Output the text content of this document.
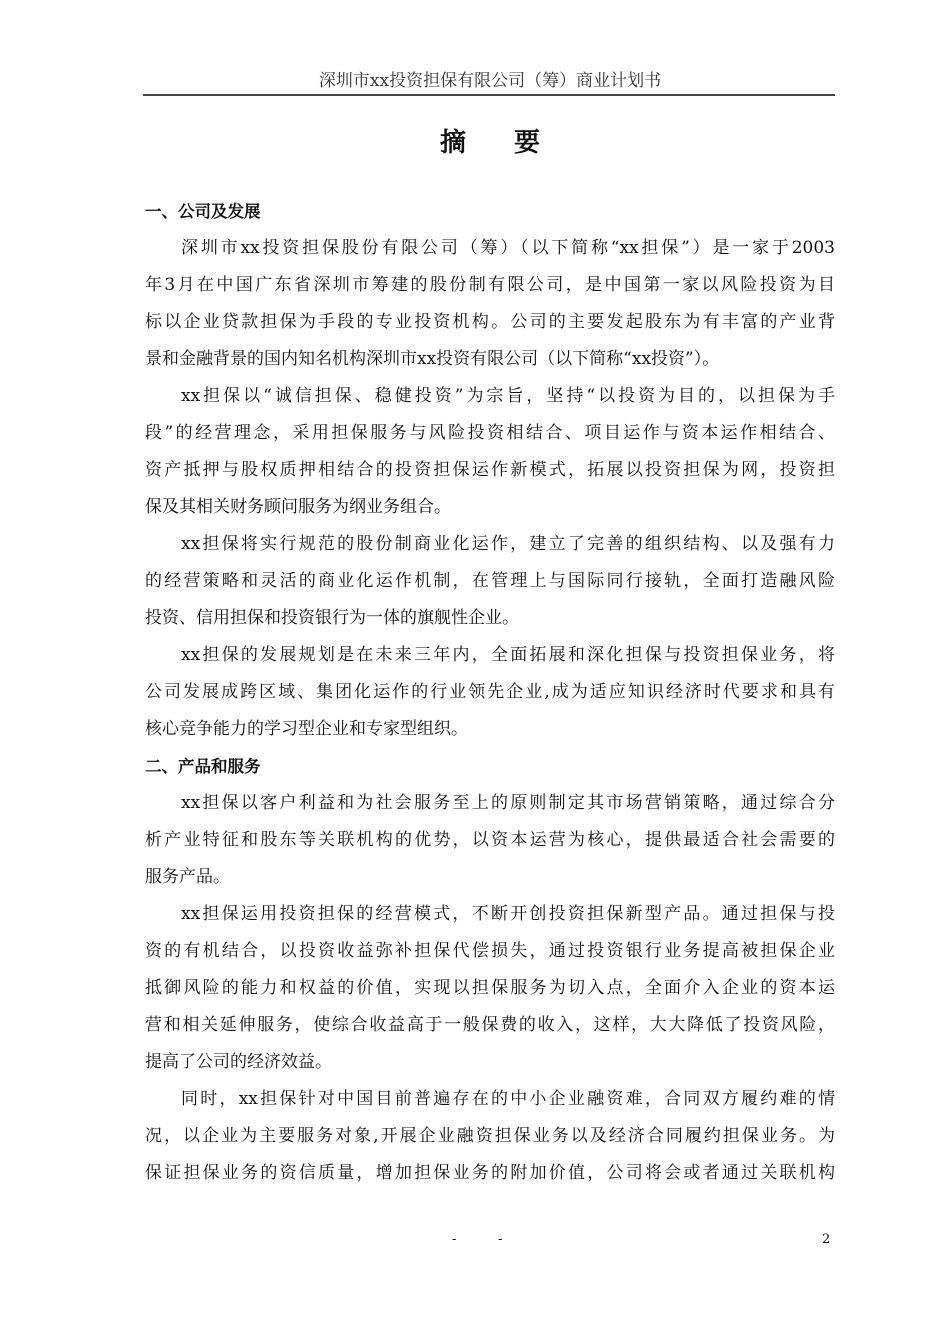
深圳市xx投资担保有限公司（筹）商业计划书
摘 要
一、公司及发展
深圳市xx投资担保股份有限公司（筹）（以下简称“xx担保”）是一家于2003
年3月在中国广东省深圳市筹建的股份制有限公司，是中国第一家以风险投资为目
标以企业贷款担保为手段的专业投资机构。公司的主要发起股东为有丰富的产业背
景和金融背景的国内知名机构深圳市xx投资有限公司（以下简称“xx投资”）。
xx担保以“诚信担保、稳健投资”为宗旨，坚持“以投资为目的，以担保为手
段”的经营理念，采用担保服务与风险投资相结合、项目运作与资本运作相结合、
资产抵押与股权质押相结合的投资担保运作新模式，拓展以投资担保为网，投资担
保及其相关财务顾问服务为纲业务组合。
xx担保将实行规范的股份制商业化运作，建立了完善的组织结构、以及强有力
的经营策略和灵活的商业化运作机制，在管理上与国际同行接轨，全面打造融风险
投资、信用担保和投资银行为一体的旗舰性企业。
xx担保的发展规划是在未来三年内，全面拓展和深化担保与投资担保业务，将
公司发展成跨区域、集团化运作的行业领先企业,成为适应知识经济时代要求和具有
核心竞争能力的学习型企业和专家型组织。
二、产品和服务
xx担保以客户利益和为社会服务至上的原则制定其市场营销策略，通过综合分
析产业特征和股东等关联机构的优势，以资本运营为核心，提供最适合社会需要的
服务产品。
xx担保运用投资担保的经营模式，不断开创投资担保新型产品。通过担保与投
资的有机结合，以投资收益弥补担保代偿损失，通过投资银行业务提高被担保企业
抵御风险的能力和权益的价值，实现以担保服务为切入点，全面介入企业的资本运
营和相关延伸服务，使综合收益高于一般保费的收入，这样，大大降低了投资风险，
提高了公司的经济效益。
同时，xx担保针对中国目前普遍存在的中小企业融资难，合同双方履约难的情
况，以企业为主要服务对象,开展企业融资担保业务以及经济合同履约担保业务。为
保证担保业务的资信质量，增加担保业务的附加价值，公司将会或者通过关联机构
-	-	2
